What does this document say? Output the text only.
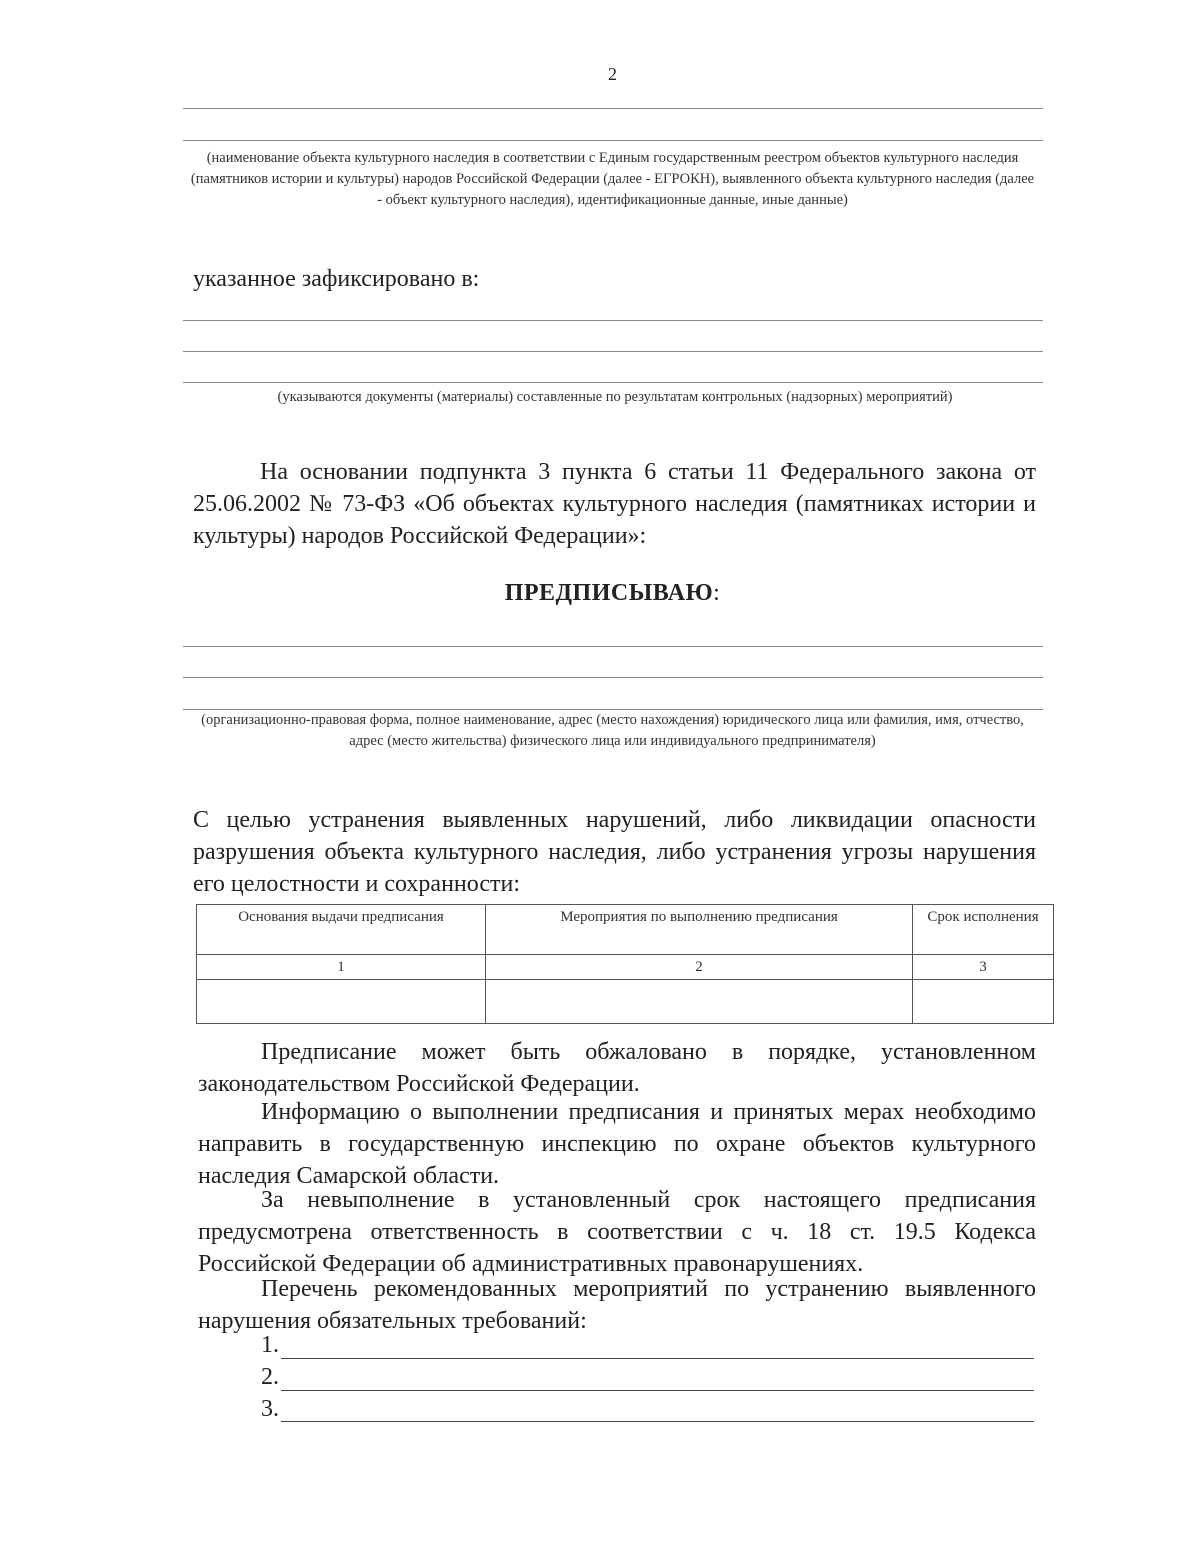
2
(наименование объекта культурного наследия в соответствии с Единым государственным реестром объектов культурного наследия (памятников истории и культуры) народов Российской Федерации (далее - ЕГРОКН), выявленного объекта культурного наследия (далее - объект культурного наследия), идентификационные данные, иные данные)
указанное зафиксировано в:
(указываются документы (материалы) составленные по результатам контрольных (надзорных) мероприятий)
На основании подпункта 3 пункта 6 статьи 11 Федерального закона от 25.06.2002 № 73-ФЗ «Об объектах культурного наследия (памятниках истории и культуры) народов Российской Федерации»:
ПРЕДПИСЫВАЮ:
(организационно-правовая форма, полное наименование, адрес (место нахождения) юридического лица или фамилия, имя, отчество, адрес (место жительства) физического лица или индивидуального предпринимателя)
С целью устранения выявленных нарушений, либо ликвидации опасности разрушения объекта культурного наследия, либо устранения угрозы нарушения его целостности и сохранности:
Основания выдачи предписания	Мероприятия по выполнению предписания	Срок исполнения
1	2	3

Предписание может быть обжаловано в порядке, установленном законодательством Российской Федерации.
Информацию о выполнении предписания и принятых мерах необходимо направить в государственную инспекцию по охране объектов культурного наследия Самарской области.
За невыполнение в установленный срок настоящего предписания предусмотрена ответственность в соответствии с ч. 18 ст. 19.5 Кодекса Российской Федерации об административных правонарушениях.
Перечень рекомендованных мероприятий по устранению выявленного нарушения обязательных требований:
1.
2.
3.
